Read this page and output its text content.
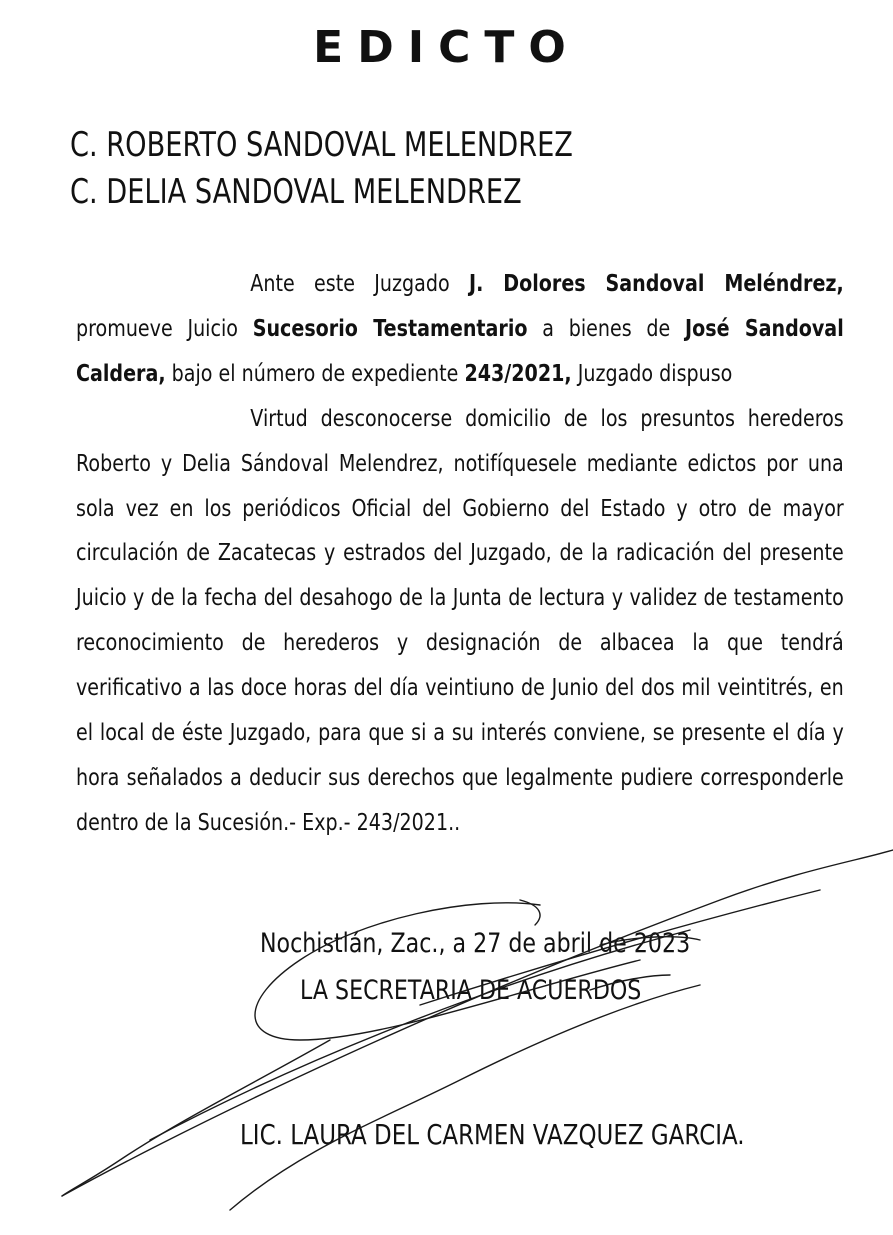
EDICTO
C. ROBERTO SANDOVAL MELENDREZ
C. DELIA SANDOVAL MELENDREZ

Ante este Juzgado J. Dolores Sandoval Meléndrez, promueve Juicio Sucesorio Testamentario a bienes de José Sandoval Caldera, bajo el número de expediente 243/2021, Juzgado dispuso

Virtud desconocerse domicilio de los presuntos herederos Roberto y Delia Sándoval Melendrez, notifíquesele mediante edictos por una sola vez en los periódicos Oficial del Gobierno del Estado y otro de mayor circulación de Zacatecas y estrados del Juzgado, de la radicación del presente Juicio y de la fecha del desahogo de la Junta de lectura y validez de testamento reconocimiento de herederos y designación de albacea la que tendrá verificativo a las doce horas del día veintiuno de Junio del dos mil veintitrés, en el local de éste Juzgado, para que si a su interés conviene, se presente el día y hora señalados a deducir sus derechos que legalmente pudiere corresponderle dentro de la Sucesión.- Exp.- 243/2021..

Nochistlán, Zac., a 27 de abril de 2023
LA SECRETARIA DE ACUERDOS
LIC. LAURA DEL CARMEN VAZQUEZ GARCIA.
